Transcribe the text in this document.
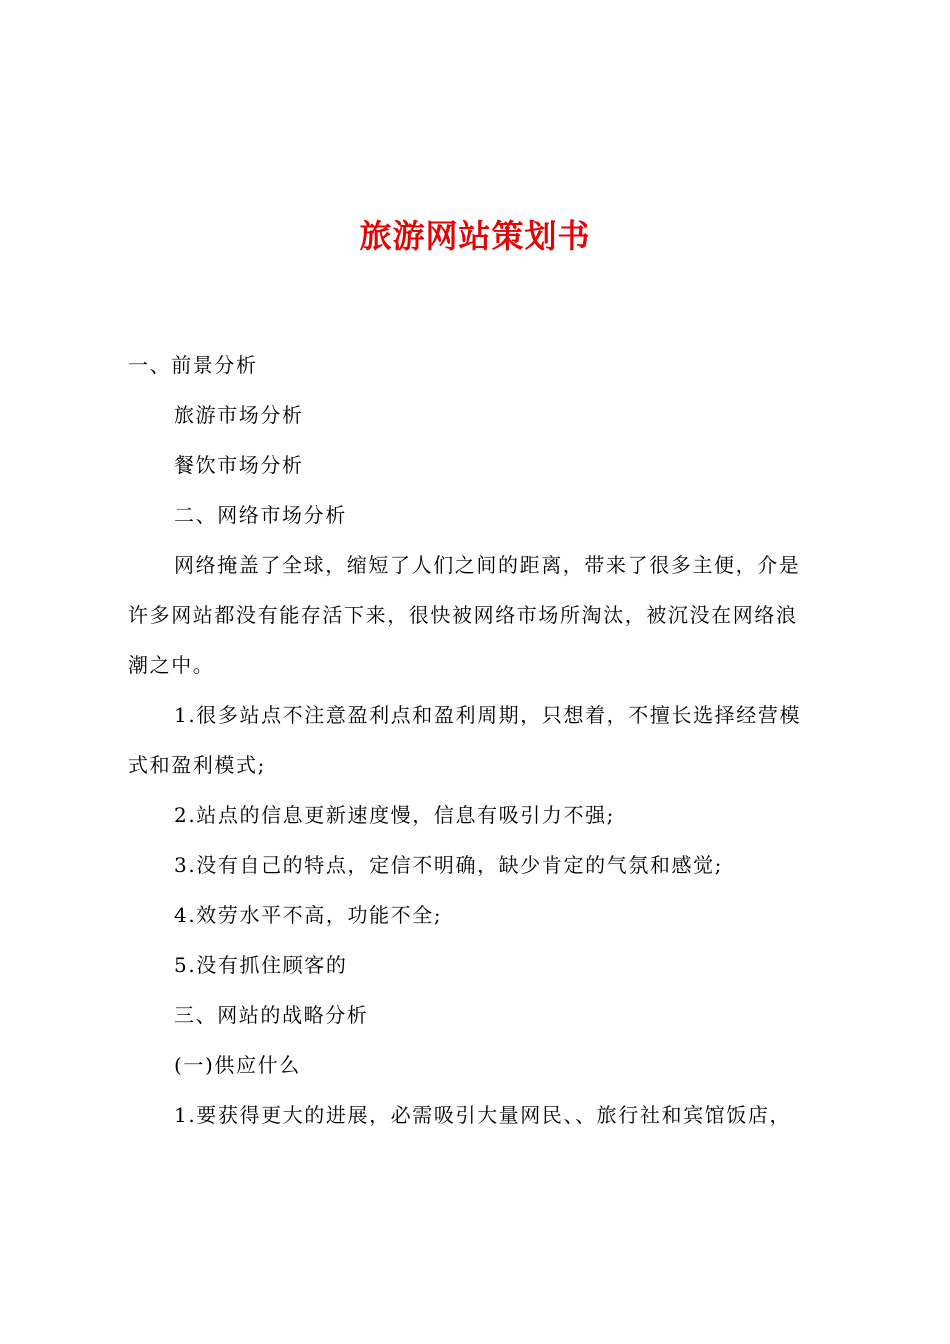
旅游网站策划书

一、前景分析

旅游市场分析

餐饮市场分析

二、网络市场分析

网络掩盖了全球，缩短了人们之间的距离，带来了很多主便，介是
许多网站都没有能存活下来，很快被网络市场所淘汰，被沉没在网络浪
潮之中。
1.很多站点不注意盈利点和盈利周期，只想着，不擅长选择经营模
式和盈利模式;

2.站点的信息更新速度慢，信息有吸引力不强;

3.没有自己的特点，定信不明确，缺少肯定的气氛和感觉;

4.效劳水平不高，功能不全;

5.没有抓住顾客的

三、网站的战略分析

(一)供应什么

1.要获得更大的进展，必需吸引大量网民、、旅行社和宾馆饭店，
